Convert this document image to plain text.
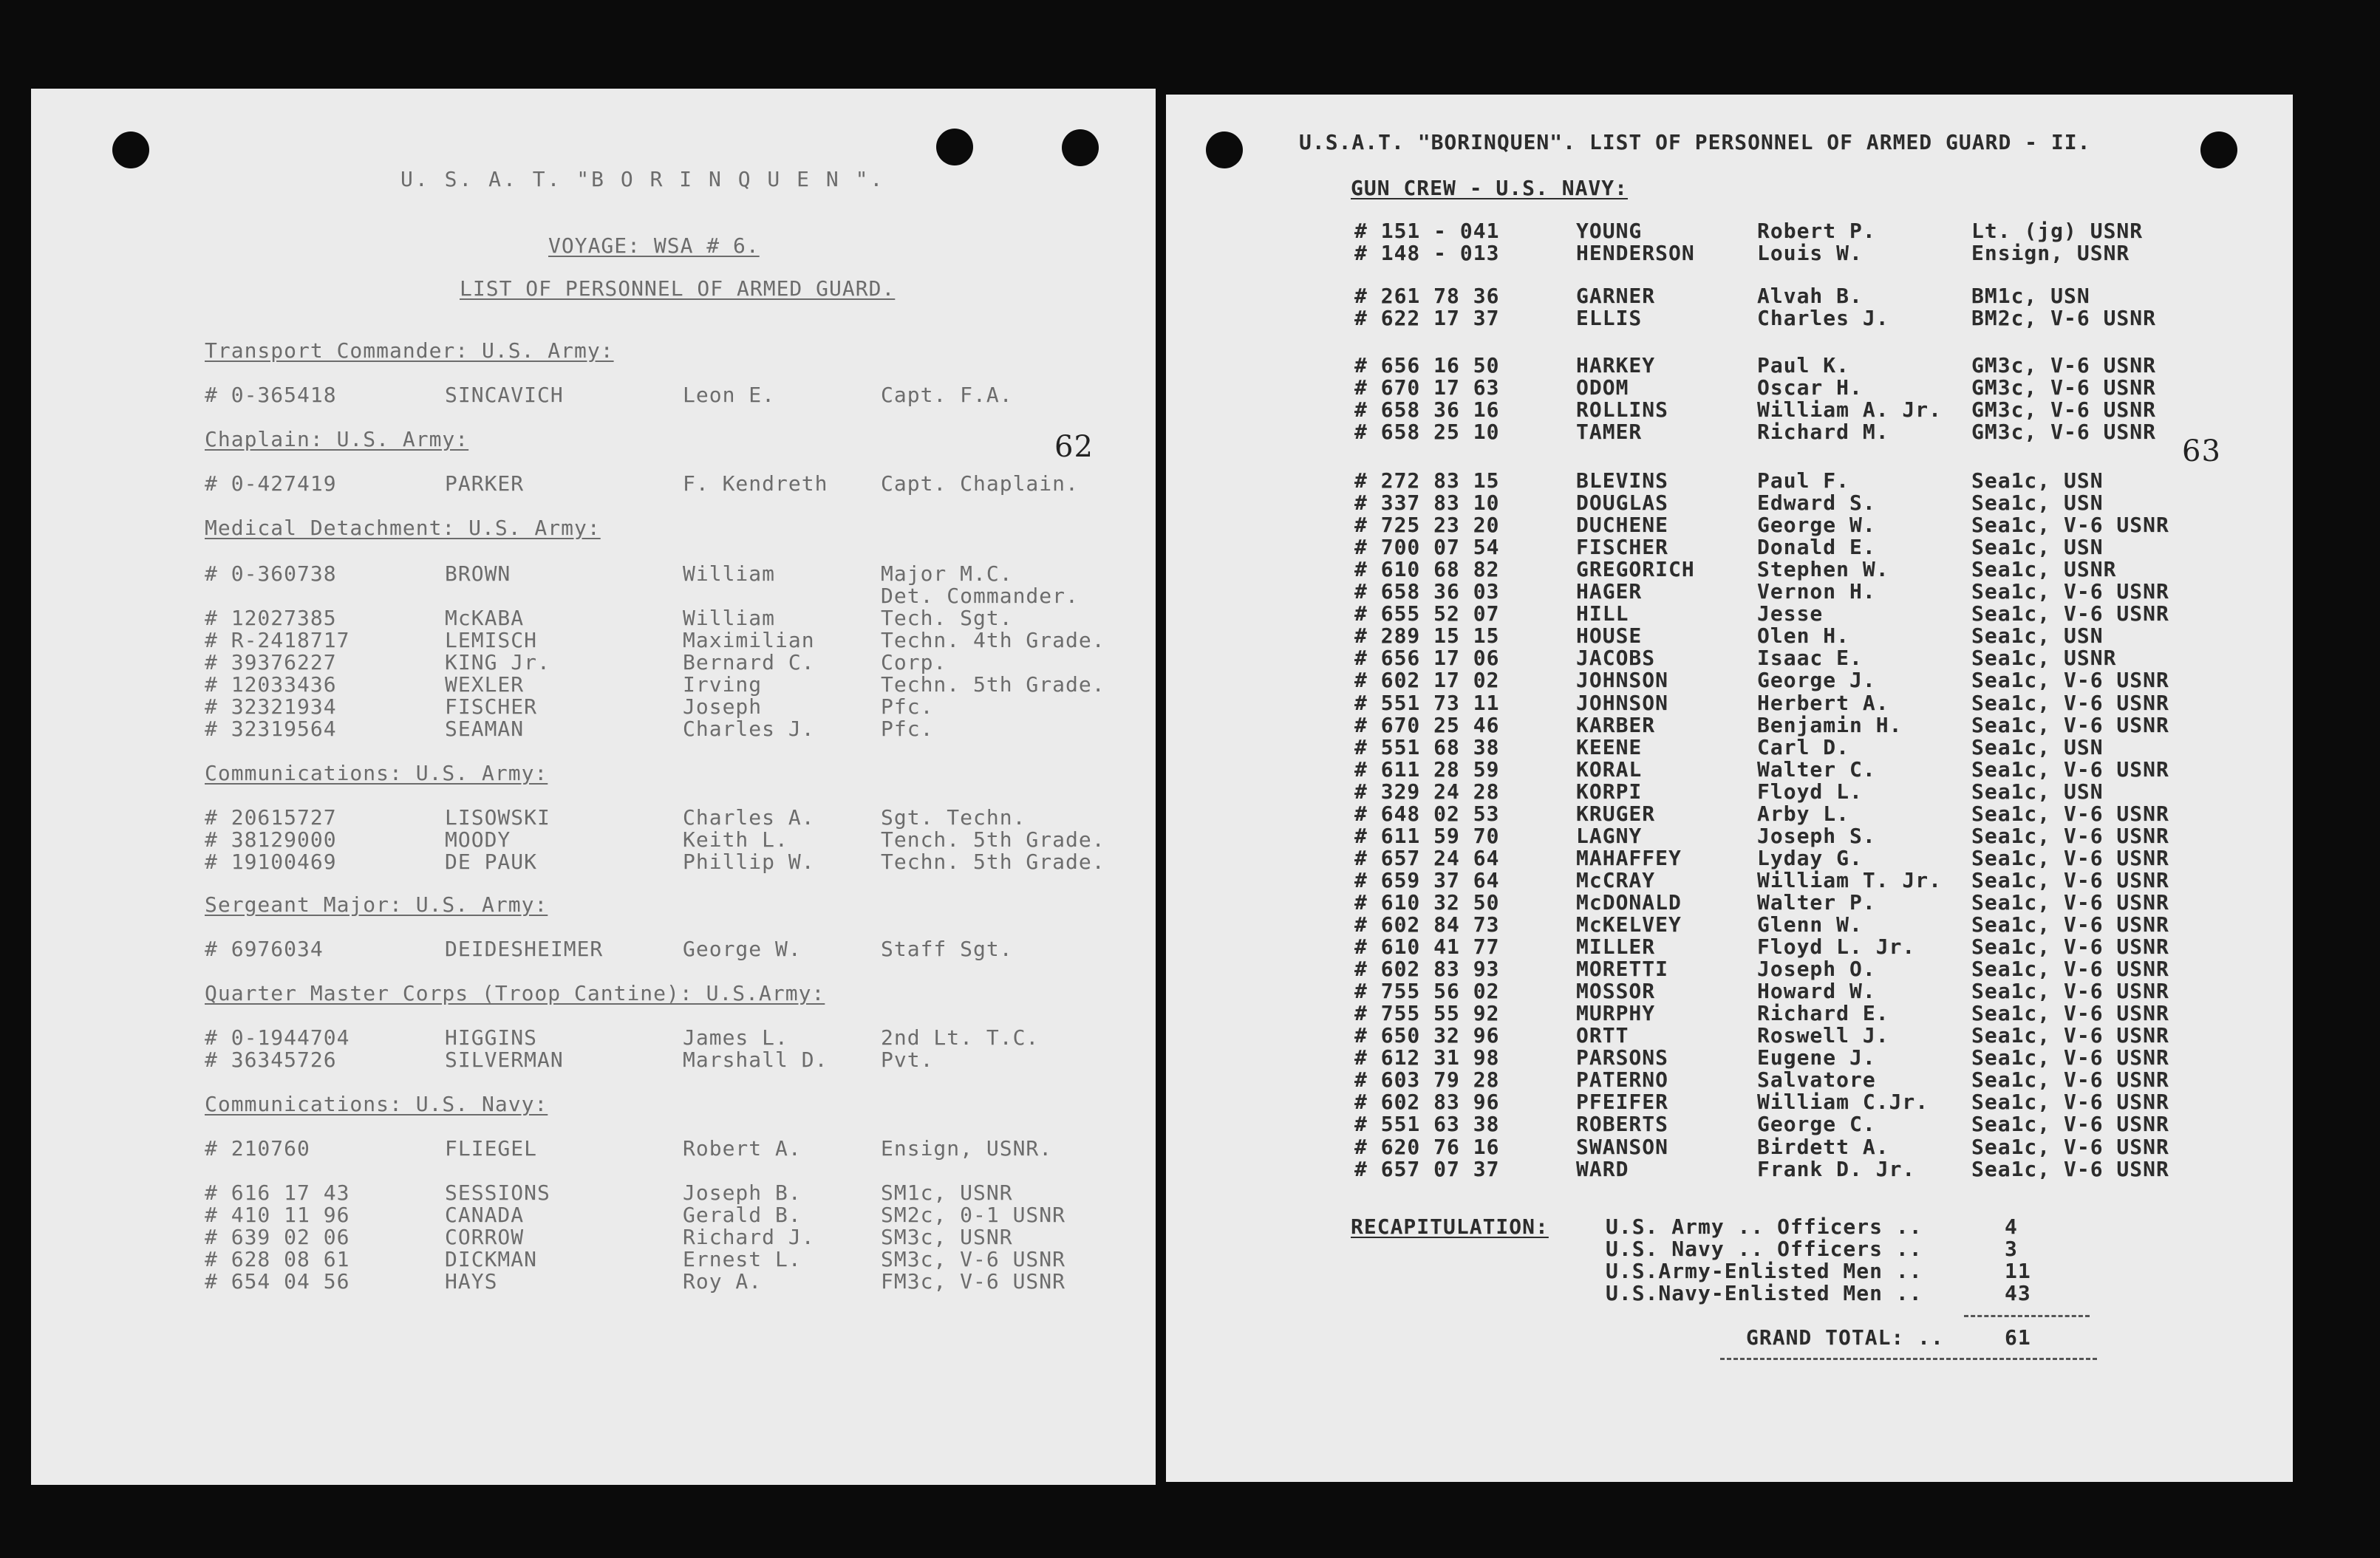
U. S. A. T. "B O R I N Q U E N ".
VOYAGE: WSA # 6.
LIST OF PERSONNEL OF ARMED GUARD.
62
Transport Commander: U.S. Army:
# 0-365418	SINCAVICH	Leon E.	Capt. F.A.
Chaplain: U.S. Army:
# 0-427419	PARKER	F. Kendreth	Capt. Chaplain.
Medical Detachment: U.S. Army:
# 0-360738	BROWN	William	Major M.C.
Det. Commander.
# 12027385	McKABA	William	Tech. Sgt.
# R-2418717	LEMISCH	Maximilian	Techn. 4th Grade.
# 39376227	KING Jr.	Bernard C.	Corp.
# 12033436	WEXLER	Irving	Techn. 5th Grade.
# 32321934	FISCHER	Joseph	Pfc.
# 32319564	SEAMAN	Charles J.	Pfc.
Communications: U.S. Army:
# 20615727	LISOWSKI	Charles A.	Sgt. Techn.
# 38129000	MOODY	Keith L.	Tench. 5th Grade.
# 19100469	DE PAUK	Phillip W.	Techn. 5th Grade.
Sergeant Major: U.S. Army:
# 6976034	DEIDESHEIMER	George W.	Staff Sgt.
Quarter Master Corps (Troop Cantine): U.S.Army:
# 0-1944704	HIGGINS	James L.	2nd Lt. T.C.
# 36345726	SILVERMAN	Marshall D.	Pvt.
Communications: U.S. Navy:
# 210760	FLIEGEL	Robert A.	Ensign, USNR.
# 616 17 43	SESSIONS	Joseph B.	SM1c, USNR
# 410 11 96	CANADA	Gerald B.	SM2c, 0-1 USNR
# 639 02 06	CORROW	Richard J.	SM3c, USNR
# 628 08 61	DICKMAN	Ernest L.	SM3c, V-6 USNR
# 654 04 56	HAYS	Roy A.	FM3c, V-6 USNR
U.S.A.T. "BORINQUEN". LIST OF PERSONNEL OF ARMED GUARD - II.
63
GUN CREW - U.S. NAVY:
# 151 - 041	YOUNG	Robert P.	Lt. (jg) USNR
# 148 - 013	HENDERSON	Louis W.	Ensign, USNR
# 261 78 36	GARNER	Alvah B.	BM1c, USN
# 622 17 37	ELLIS	Charles J.	BM2c, V-6 USNR
# 656 16 50	HARKEY	Paul K.	GM3c, V-6 USNR
# 670 17 63	ODOM	Oscar H.	GM3c, V-6 USNR
# 658 36 16	ROLLINS	William A. Jr. GM3c, V-6 USNR
# 658 25 10	TAMER	Richard M.	GM3c, V-6 USNR
# 272 83 15	BLEVINS	Paul F.	Sea1c, USN
# 337 83 10	DOUGLAS	Edward S.	Sea1c, USN
# 725 23 20	DUCHENE	George W.	Sea1c, V-6 USNR
# 700 07 54	FISCHER	Donald E.	Sea1c, USN
# 610 68 82	GREGORICH	Stephen W.	Sea1c, USNR
# 658 36 03	HAGER	Vernon H.	Sea1c, V-6 USNR
# 655 52 07	HILL	Jesse	Sea1c, V-6 USNR
# 289 15 15	HOUSE	Olen H.	Sea1c, USN
# 656 17 06	JACOBS	Isaac E.	Sea1c, USNR
# 602 17 02	JOHNSON	George J.	Sea1c, V-6 USNR
# 551 73 11	JOHNSON	Herbert A.	Sea1c, V-6 USNR
# 670 25 46	KARBER	Benjamin H.	Sea1c, V-6 USNR
# 551 68 38	KEENE	Carl D.	Sea1c, USN
# 611 28 59	KORAL	Walter C.	Sea1c, V-6 USNR
# 329 24 28	KORPI	Floyd L.	Sea1c, USN
# 648 02 53	KRUGER	Arby L.	Sea1c, V-6 USNR
# 611 59 70	LAGNY	Joseph S.	Sea1c, V-6 USNR
# 657 24 64	MAHAFFEY	Lyday G.	Sea1c, V-6 USNR
# 659 37 64	McCRAY	William T. Jr. Sea1c, V-6 USNR
# 610 32 50	McDONALD	Walter P.	Sea1c, V-6 USNR
# 602 84 73	McKELVEY	Glenn W.	Sea1c, V-6 USNR
# 610 41 77	MILLER	Floyd L. Jr.	Sea1c, V-6 USNR
# 602 83 93	MORETTI	Joseph O.	Sea1c, V-6 USNR
# 755 56 02	MOSSOR	Howard W.	Sea1c, V-6 USNR
# 755 55 92	MURPHY	Richard E.	Sea1c, V-6 USNR
# 650 32 96	ORTT	Roswell J.	Sea1c, V-6 USNR
# 612 31 98	PARSONS	Eugene J.	Sea1c, V-6 USNR
# 603 79 28	PATERNO	Salvatore	Sea1c, V-6 USNR
# 602 83 96	PFEIFER	William C.Jr. Sea1c, V-6 USNR
# 551 63 38	ROBERTS	George C.	Sea1c, V-6 USNR
# 620 76 16	SWANSON	Birdett A.	Sea1c, V-6 USNR
# 657 07 37	WARD	Frank D. Jr.	Sea1c, V-6 USNR
RECAPITULATION:	U.S. Army .. Officers ..	4
U.S. Navy .. Officers ..	3
U.S.Army-Enlisted Men ..	11
U.S.Navy-Enlisted Men ..	43
GRAND TOTAL: ..	61
